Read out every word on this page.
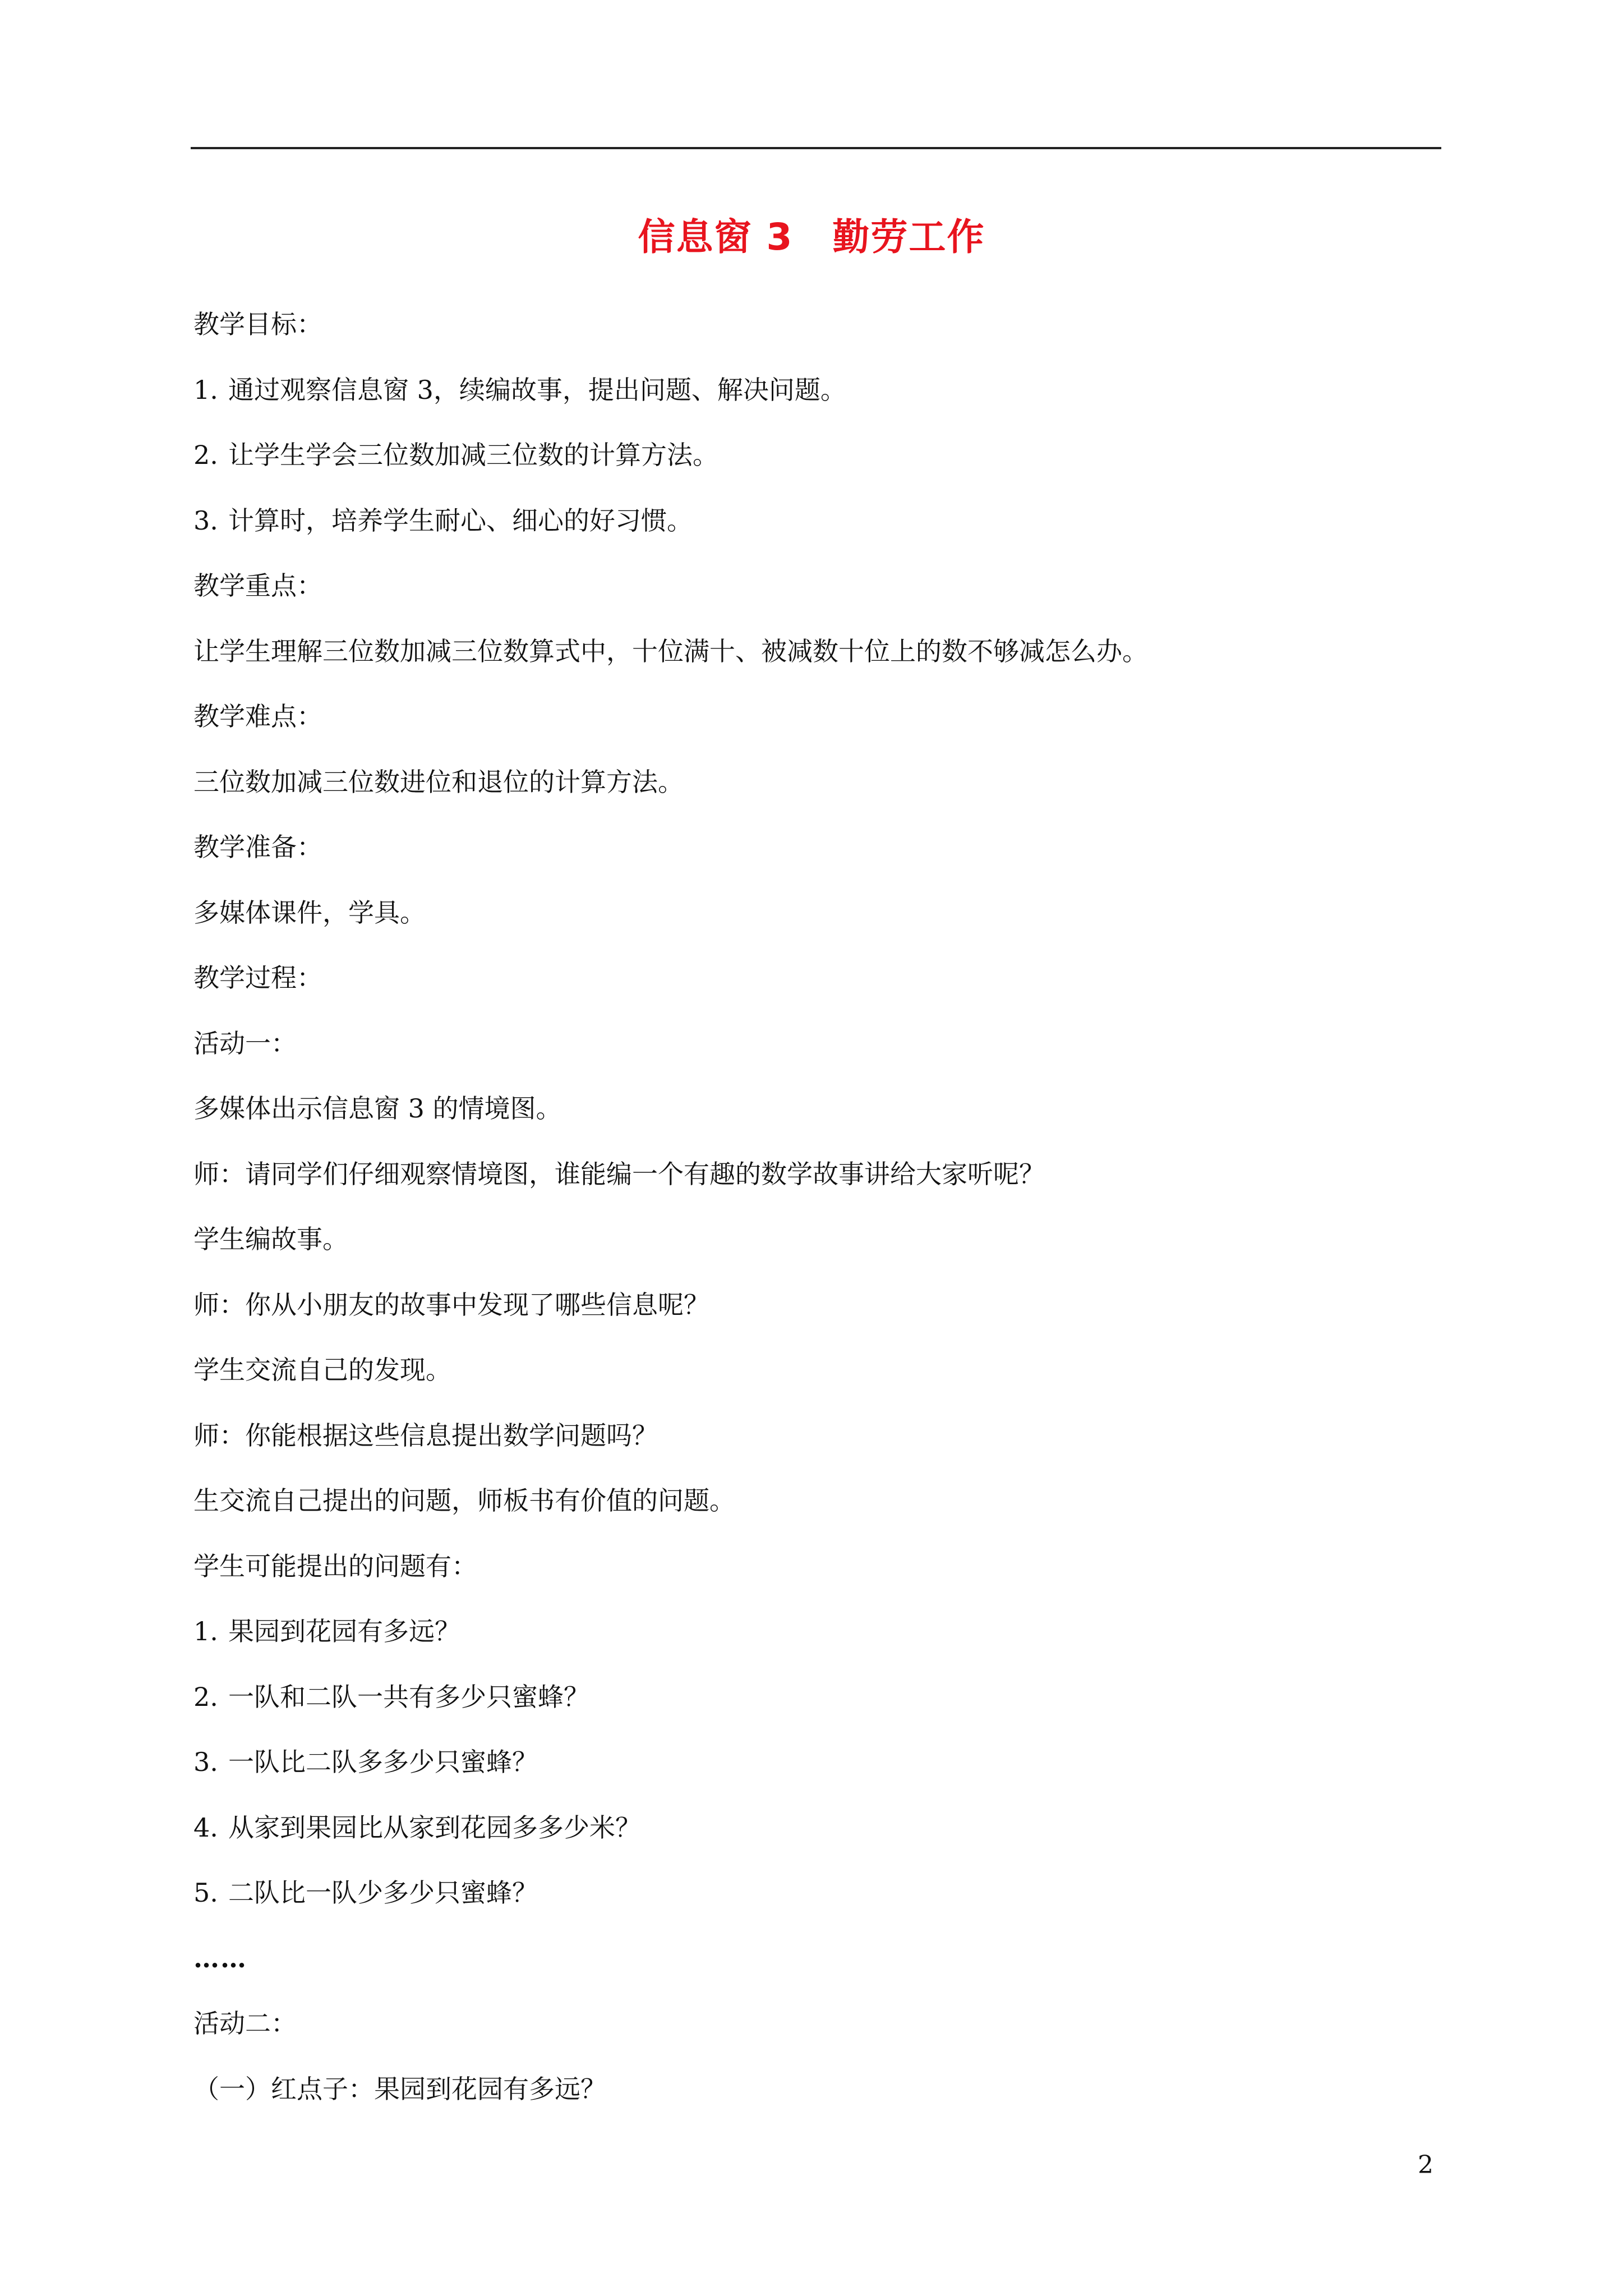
信息窗 3 勤劳工作
教学目标：
1. 通过观察信息窗 3，续编故事，提出问题、解决问题。
2. 让学生学会三位数加减三位数的计算方法。
3. 计算时，培养学生耐心、细心的好习惯。
教学重点：
让学生理解三位数加减三位数算式中，十位满十、被减数十位上的数不够减怎么办。
教学难点：
三位数加减三位数进位和退位的计算方法。
教学准备：
多媒体课件，学具。
教学过程：
活动一：
多媒体出示信息窗 3 的情境图。
师：请同学们仔细观察情境图，谁能编一个有趣的数学故事讲给大家听呢？
学生编故事。
师：你从小朋友的故事中发现了哪些信息呢？
学生交流自己的发现。
师：你能根据这些信息提出数学问题吗？
生交流自己提出的问题，师板书有价值的问题。
学生可能提出的问题有：
1. 果园到花园有多远？
2. 一队和二队一共有多少只蜜蜂？
3. 一队比二队多多少只蜜蜂？
4. 从家到果园比从家到花园多多少米？
5. 二队比一队少多少只蜜蜂？
……
活动二：
（一）红点子：果园到花园有多远？
2
